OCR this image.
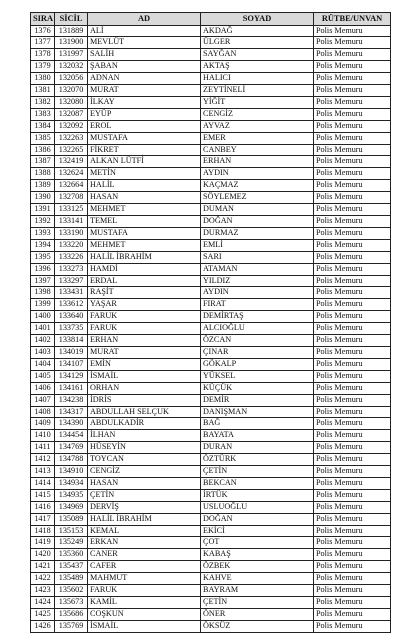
SIRA	SİCİL	AD	SOYAD	RÜTBE/UNVAN
1376	131889	ALİ	AKDAĞ	Polis Memuru
1377	131900	MEVLÜT	ÜLGER	Polis Memuru
1378	131997	SALİH	SAYĞAN	Polis Memuru
1379	132032	ŞABAN	AKTAŞ	Polis Memuru
1380	132056	ADNAN	HALICI	Polis Memuru
1381	132070	MURAT	ZEYTİNELİ	Polis Memuru
1382	132080	İLKAY	YİĞİT	Polis Memuru
1383	132087	EYÜP	CENGİZ	Polis Memuru
1384	132092	EROL	AYVAZ	Polis Memuru
1385	132263	MUSTAFA	EMER	Polis Memuru
1386	132265	FİKRET	CANBEY	Polis Memuru
1387	132419	ALKAN LÜTFİ	ERHAN	Polis Memuru
1388	132624	METİN	AYDIN	Polis Memuru
1389	132664	HALİL	KAÇMAZ	Polis Memuru
1390	132708	HASAN	SÖYLEMEZ	Polis Memuru
1391	133125	MEHMET	DUMAN	Polis Memuru
1392	133141	TEMEL	DOĞAN	Polis Memuru
1393	133190	MUSTAFA	DURMAZ	Polis Memuru
1394	133220	MEHMET	EMLİ	Polis Memuru
1395	133226	HALİL İBRAHİM	SARI	Polis Memuru
1396	133273	HAMDİ	ATAMAN	Polis Memuru
1397	133297	ERDAL	YILDIZ	Polis Memuru
1398	133431	RAŞİT	AYDIN	Polis Memuru
1399	133612	YAŞAR	FIRAT	Polis Memuru
1400	133640	FARUK	DEMİRTAŞ	Polis Memuru
1401	133735	FARUK	ALCIOĞLU	Polis Memuru
1402	133814	ERHAN	ÖZCAN	Polis Memuru
1403	134019	MURAT	ÇINAR	Polis Memuru
1404	134107	EMİN	GÖKALP	Polis Memuru
1405	134129	İSMAİL	YÜKSEL	Polis Memuru
1406	134161	ORHAN	KÜÇÜK	Polis Memuru
1407	134238	İDRİS	DEMİR	Polis Memuru
1408	134317	ABDULLAH SELÇUK	DANIŞMAN	Polis Memuru
1409	134390	ABDULKADİR	BAĞ	Polis Memuru
1410	134454	İLHAN	BAYATA	Polis Memuru
1411	134769	HÜSEYİN	DURAN	Polis Memuru
1412	134788	TOYCAN	ÖZTÜRK	Polis Memuru
1413	134910	CENGİZ	ÇETİN	Polis Memuru
1414	134934	HASAN	BEKCAN	Polis Memuru
1415	134935	ÇETİN	İRTÜK	Polis Memuru
1416	134969	DERVİŞ	USLUOĞLU	Polis Memuru
1417	135089	HALİL İBRAHİM	DOĞAN	Polis Memuru
1418	135153	KEMAL	EKİCİ	Polis Memuru
1419	135249	ERKAN	ÇOT	Polis Memuru
1420	135360	CANER	KABAŞ	Polis Memuru
1421	135437	CAFER	ÖZBEK	Polis Memuru
1422	135489	MAHMUT	KAHVE	Polis Memuru
1423	135602	FARUK	BAYRAM	Polis Memuru
1424	135673	KAMİL	ÇETİN	Polis Memuru
1425	135686	COŞKUN	ÖNER	Polis Memuru
1426	135769	İSMAİL	ÖKSÜZ	Polis Memuru
